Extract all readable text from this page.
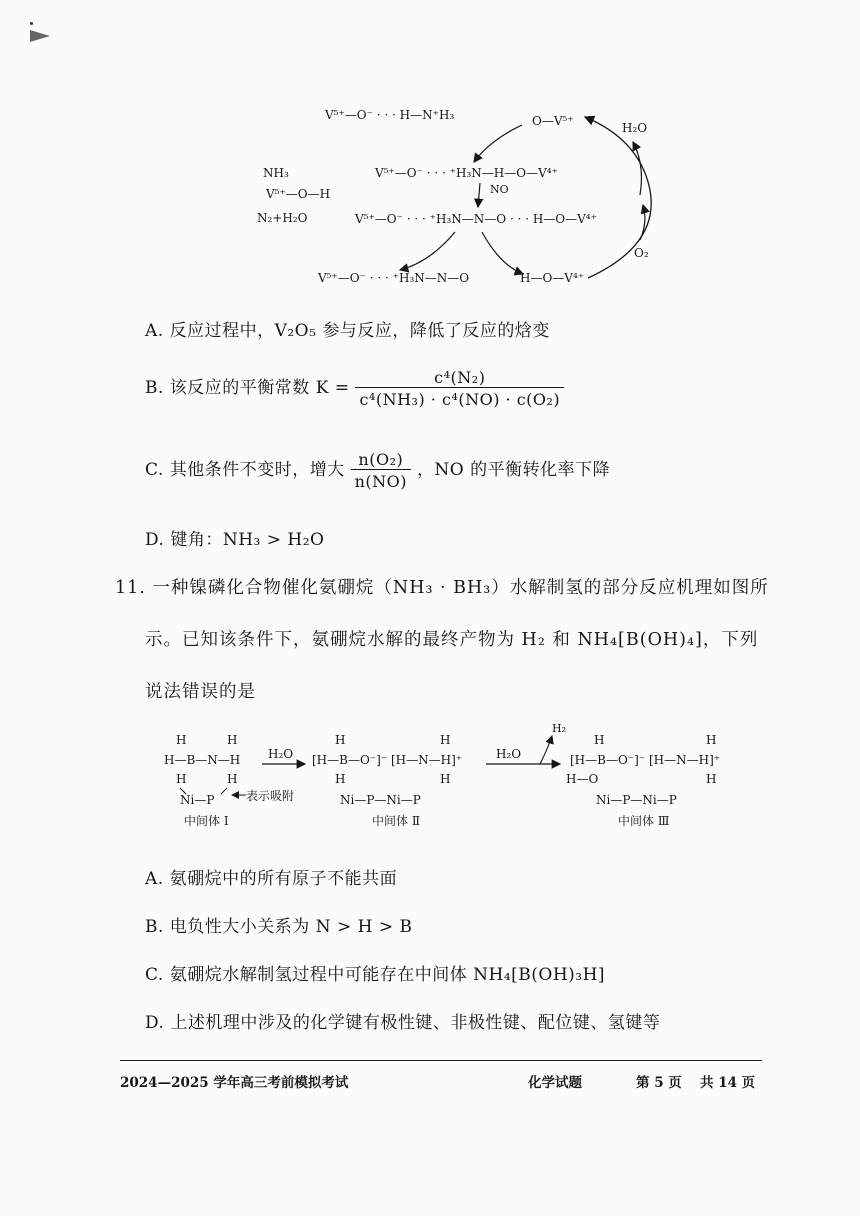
V⁵⁺—O⁻ · · · H—N⁺H₃
V⁵⁺—O⁻ · · · ⁺H₃N—H—O—V⁴⁺
NO
V⁵⁺—O⁻ · · · ⁺H₃N—N—O · · · H—O—V⁴⁺
V⁵⁺—O⁻ · · · ⁺H₃N—N—O	H—O—V⁴⁺
O—V⁵⁺	H₂O
O₂
NH₃
V⁵⁺—O—H
N₂+H₂O
A. 反应过程中，V₂O₅ 参与反应，降低了反应的焓变
B. 该反应的平衡常数 $K = \frac{\text{c⁴(N₂)}}{\text{c⁴(NH₃) · c⁴(NO) · c(O₂)}}$
C. 其他条件不变时，增大 $\frac{\text{n(O₂)}}{n(NO)}$ ，NO 的平衡转化率下降
D. 键角：NH₃ > H₂O
11. 一种镍磷化合物催化氨硼烷（NH₃ · BH₃）水解制氢的部分反应机理如图所
示。已知该条件下，氨硼烷水解的最终产物为 H₂ 和 NH₄[B(OH)₄]，下列
说法错误的是
H	H
H—B—N—H
H	H
Ni—P	表示吸附
中间体 Ⅰ
H₂O
H	H
[H—B—O⁻]⁻ [H—N—H]⁺
H	H
Ni—P—Ni—P
中间体 Ⅱ
H₂O
H₂
H	H
[H—B—O⁻]⁻ [H—N—H]⁺
H—O	H
Ni—P—Ni—P
中间体 Ⅲ
A. 氨硼烷中的所有原子不能共面
B. 电负性大小关系为 N > H > B
C. 氨硼烷水解制氢过程中可能存在中间体 NH₄[B(OH)₃H]
D. 上述机理中涉及的化学键有极性键、非极性键、配位键、氢键等
2024—2025 学年高三考前模拟考试	化学试题	第 5 页 共 14 页
